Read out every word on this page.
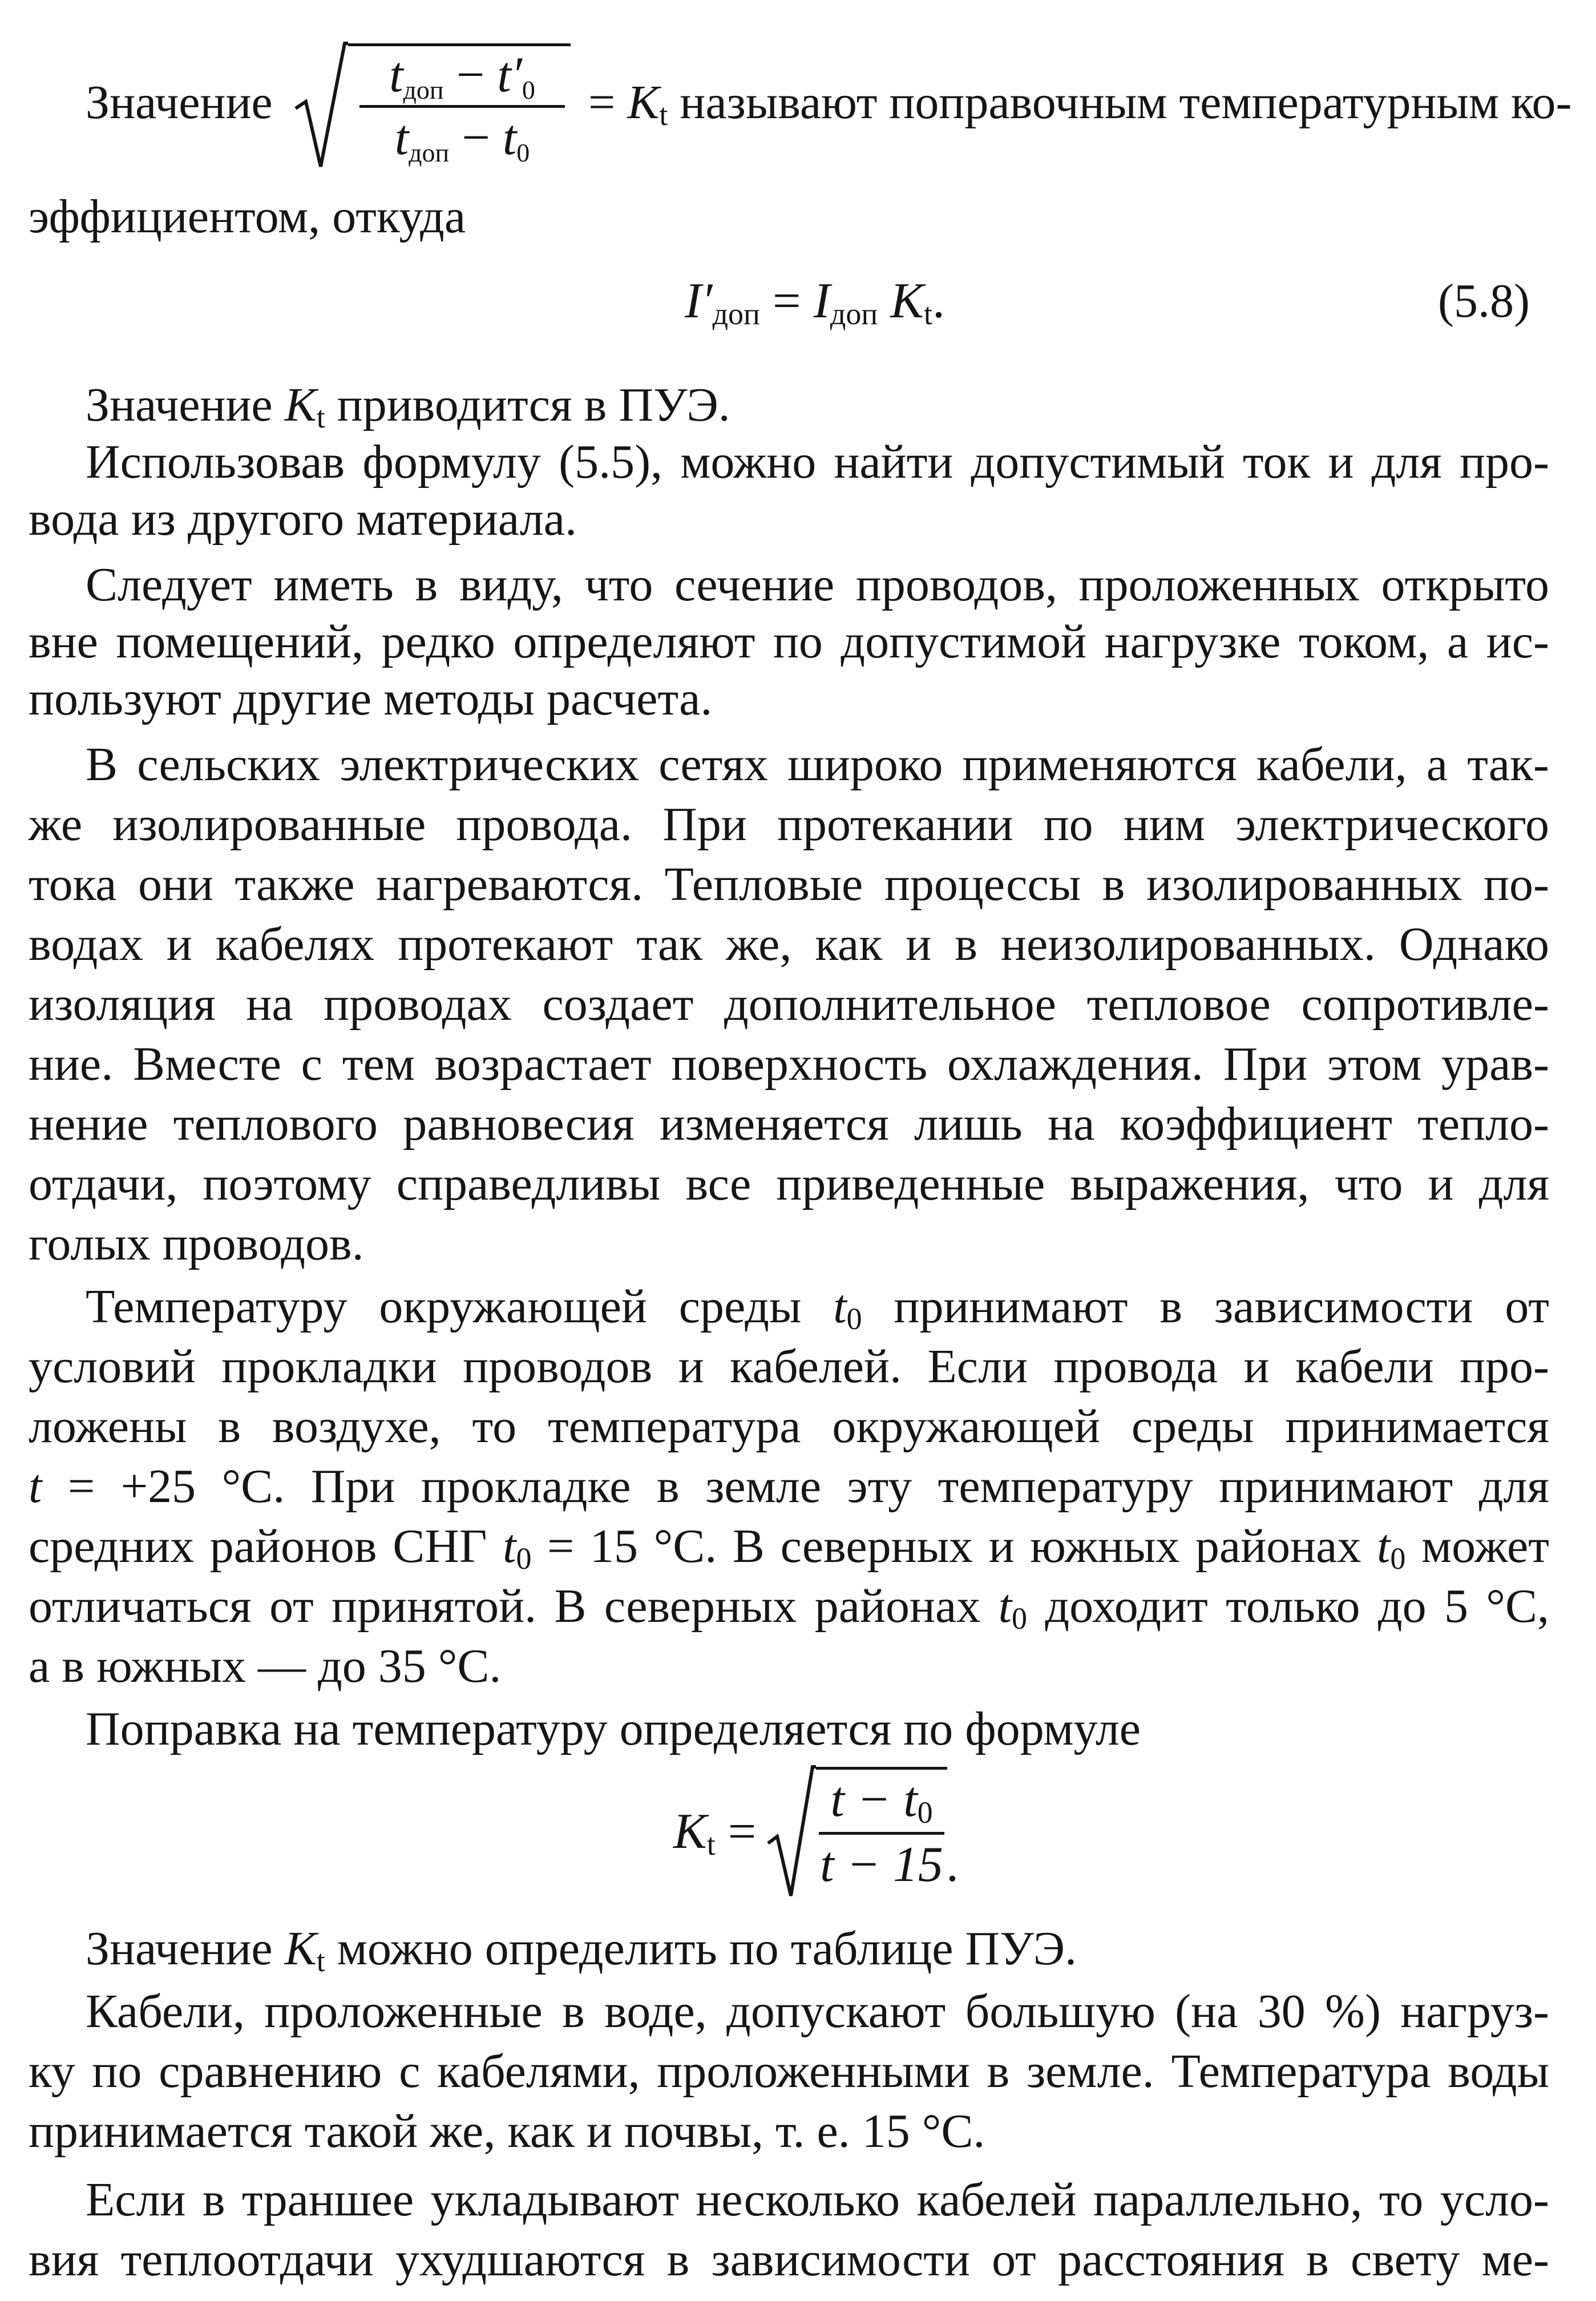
Значение

	$t_{доп} - t'_0$

$t_{доп} - t_0$

= $K_t$ называют поправочным температурным ко-

эффициентом, откуда
$I'_{доп} = I_{доп}$ $K_t$.	(5.8)
Значение $K_t$ приводится в ПУЭ.
Использовав формулу (5.5), можно найти допустимый ток и для про-
вода из другого материала.
Следует иметь в виду, что сечение проводов, проложенных открыто
вне помещений, редко определяют по допустимой нагрузке током, а ис-
пользуют другие методы расчета.
В сельских электрических сетях широко применяются кабели, а так-
же изолированные провода. При протекании по ним электрического
тока они также нагреваются. Тепловые процессы в изолированных по-
водах и кабелях протекают так же, как и в неизолированных. Однако
изоляция на проводах создает дополнительное тепловое сопротивле-
ние. Вместе с тем возрастает поверхность охлаждения. При этом урав-
нение теплового равновесия изменяется лишь на коэффициент тепло-
отдачи, поэтому справедливы все приведенные выражения, что и для
голых проводов.
Температуру окружающей среды $t_0$ принимают в зависимости от
условий прокладки проводов и кабелей. Если провода и кабели про-
ложены в воздухе, то температура окружающей среды принимается
t = +25 °С. При прокладке в земле эту температуру принимают для
средних районов СНГ $t_0 = 15$ °С. В северных и южных районах $t_0$ может
отличаться от принятой. В северных районах $t_0$ доходит только до 5 °С,
а в южных — до 35 °С.
Поправка на температуру определяется по формуле
$K_t$ =
$t - t_0$
t − 15 .
Значение $K_t$ можно определить по таблице ПУЭ.
Кабели, проложенные в воде, допускают большую (на 30 %) нагруз-
ку по сравнению с кабелями, проложенными в земле. Температура воды
принимается такой же, как и почвы, т. е. 15 °С.
Если в траншее укладывают несколько кабелей параллельно, то усло-
вия теплоотдачи ухудшаются в зависимости от расстояния в свету ме-
